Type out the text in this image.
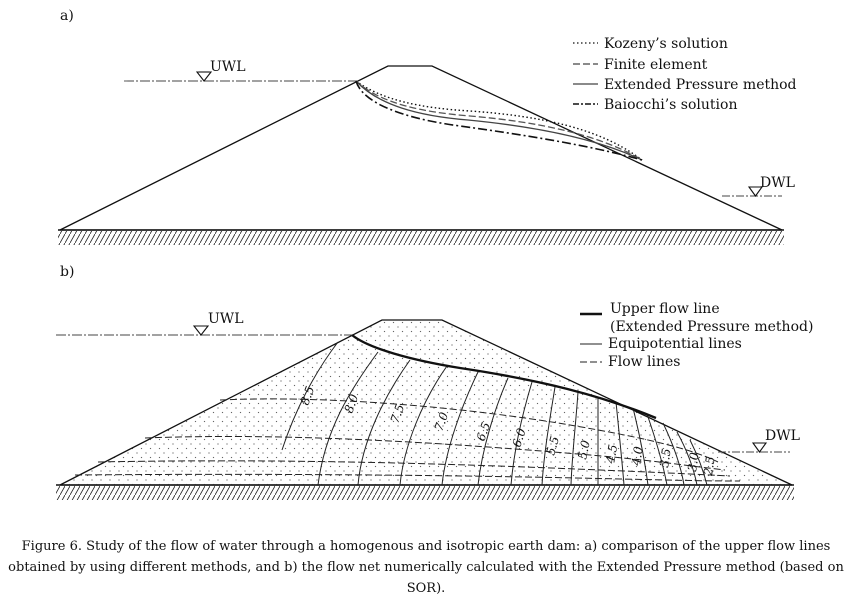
a)
UWL
DWL
Kozeny’s solution
Finite element
Extended Pressure method
Baiocchi’s solution
b)
UWL
DWL
8.5 8.0 7.5 7.0 6.5 6.0 5.5 5.0 4.5 4.0 3.5 3.0 2.5
Upper flow line
(Extended Pressure method)
Equipotential lines
Flow lines
Figure 6. Study of the flow of water through a homogenous and isotropic earth dam: a) comparison of the upper flow lines obtained by using different methods, and b) the flow net numerically calculated with the Extended Pressure method (based on SOR).
